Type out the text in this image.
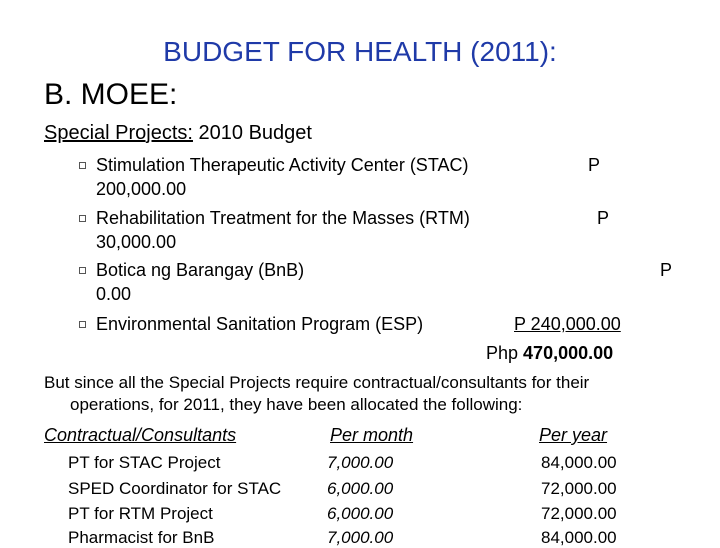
BUDGET FOR HEALTH (2011):
B. MOEE:
Special Projects: 2010 Budget
Stimulation Therapeutic Activity Center (STAC)	P
200,000.00
Rehabilitation Treatment for the Masses (RTM)	P
30,000.00
Botica ng Barangay (BnB)	P
0.00
Environmental Sanitation Program (ESP)	P 240,000.00
Php 470,000.00
But since all the Special Projects require contractual/consultants for their
operations, for 2011, they have been allocated the following:
Contractual/Consultants	Per month	Per year
PT for STAC Project	7,000.00	84,000.00
SPED Coordinator for STAC	6,000.00	72,000.00
PT for RTM Project	6,000.00	72,000.00
Pharmacist for BnB	7,000.00	84,000.00
